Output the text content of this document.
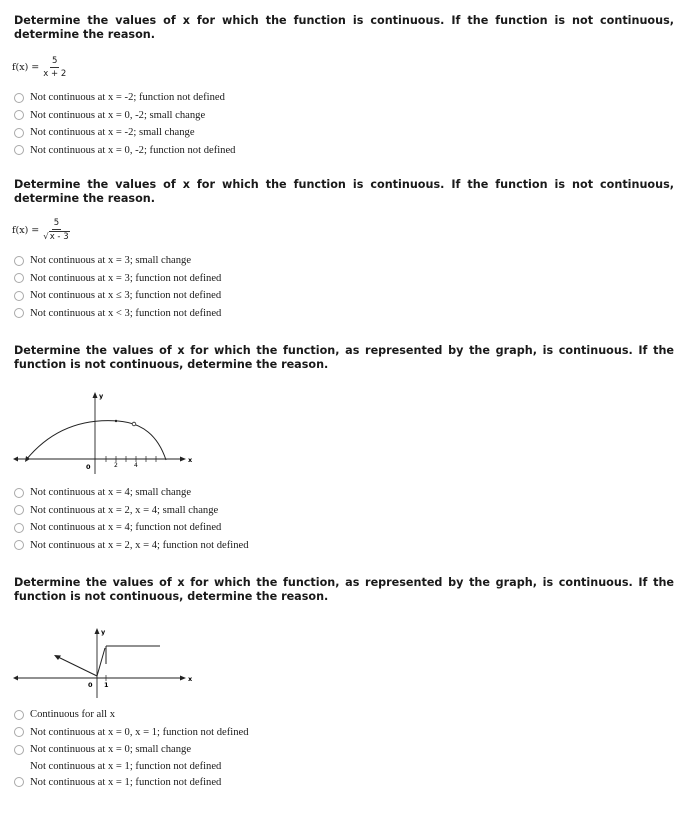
Determine the values of x for which the function is continuous. If the function is not continuous, determine the reason.
$f(x) = \frac{5}{x + 2}$
Not continuous at x = -2; function not defined
Not continuous at x = 0, -2; small change
Not continuous at x = -2; small change
Not continuous at x = 0, -2; function not defined
Determine the values of x for which the function is continuous. If the function is not continuous, determine the reason.
$f(x) = \frac{5}{√ x - 3}$
Not continuous at x = 3; small change
Not continuous at x = 3; function not defined
Not continuous at x ≤ 3; function not defined
Not continuous at x < 3; function not defined
Determine the values of x for which the function, as represented by the graph, is continuous. If the function is not continuous, determine the reason.
y
x
0	2	4
Not continuous at x = 4; small change
Not continuous at x = 2, x = 4; small change
Not continuous at x = 4; function not defined
Not continuous at x = 2, x = 4; function not defined
Determine the values of x for which the function, as represented by the graph, is continuous. If the function is not continuous, determine the reason.
y
x
0 1
Continuous for all x
Not continuous at x = 0, x = 1; function not defined
Not continuous at x = 0; small change
Not continuous at x = 1; function not defined
Not continuous at x = 1; function not defined
